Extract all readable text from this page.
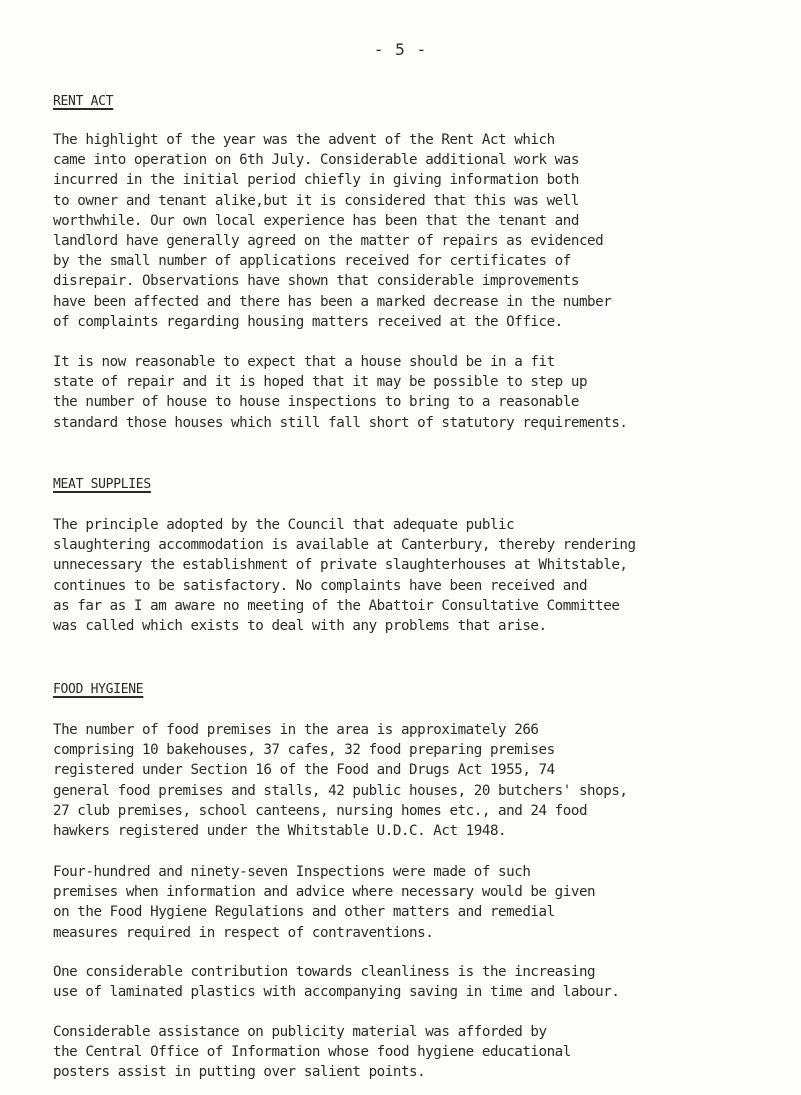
- 5 -
RENT ACT
The highlight of the year was the advent of the Rent Act which
came into operation on 6th July. Considerable additional work was
incurred in the initial period chiefly in giving information both
to owner and tenant alike,but it is considered that this was well
worthwhile. Our own local experience has been that the tenant and
landlord have generally agreed on the matter of repairs as evidenced
by the small number of applications received for certificates of
disrepair. Observations have shown that considerable improvements
have been affected and there has been a marked decrease in the number
of complaints regarding housing matters received at the Office.
It is now reasonable to expect that a house should be in a fit
state of repair and it is hoped that it may be possible to step up
the number of house to house inspections to bring to a reasonable
standard those houses which still fall short of statutory requirements.
MEAT SUPPLIES
The principle adopted by the Council that adequate public
slaughtering accommodation is available at Canterbury, thereby rendering
unnecessary the establishment of private slaughterhouses at Whitstable,
continues to be satisfactory. No complaints have been received and
as far as I am aware no meeting of the Abattoir Consultative Committee
was called which exists to deal with any problems that arise.
FOOD HYGIENE
The number of food premises in the area is approximately 266
comprising 10 bakehouses, 37 cafes, 32 food preparing premises
registered under Section 16 of the Food and Drugs Act 1955, 74
general food premises and stalls, 42 public houses, 20 butchers' shops,
27 club premises, school canteens, nursing homes etc., and 24 food
hawkers registered under the Whitstable U.D.C. Act 1948.
Four-hundred and ninety-seven Inspections were made of such
premises when information and advice where necessary would be given
on the Food Hygiene Regulations and other matters and remedial
measures required in respect of contraventions.
One considerable contribution towards cleanliness is the increasing
use of laminated plastics with accompanying saving in time and labour.
Considerable assistance on publicity material was afforded by
the Central Office of Information whose food hygiene educational
posters assist in putting over salient points.
